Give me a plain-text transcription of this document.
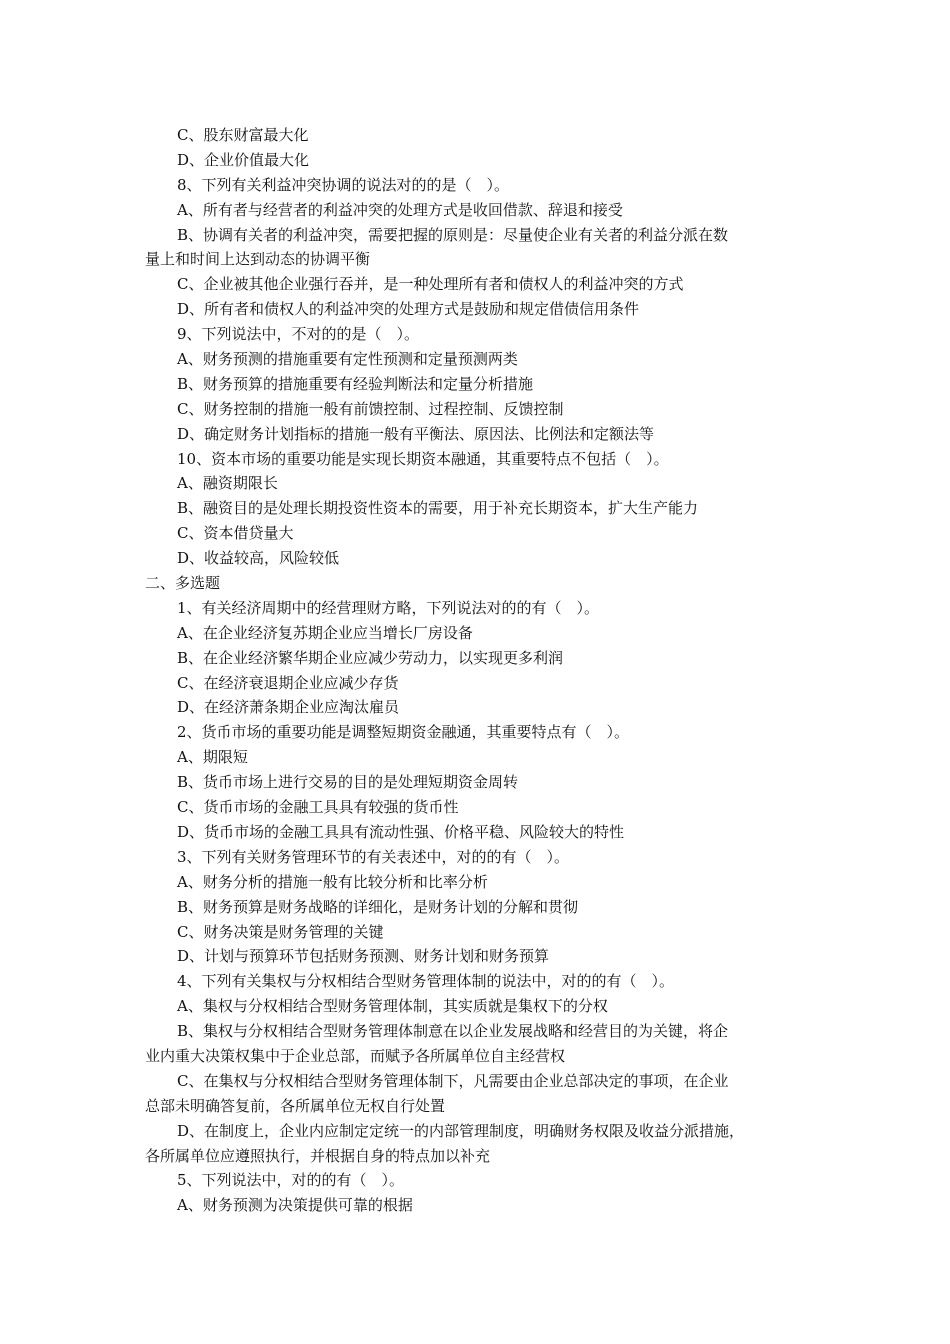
C、股东财富最大化
D、企业价值最大化
8、下列有关利益冲突协调的说法对的的是（　）。
A、所有者与经营者的利益冲突的处理方式是收回借款、辞退和接受
B、协调有关者的利益冲突，需要把握的原则是：尽量使企业有关者的利益分派在数
量上和时间上达到动态的协调平衡
C、企业被其他企业强行吞并，是一种处理所有者和债权人的利益冲突的方式
D、所有者和债权人的利益冲突的处理方式是鼓励和规定借债信用条件
9、下列说法中，不对的的是（　）。
A、财务预测的措施重要有定性预测和定量预测两类
B、财务预算的措施重要有经验判断法和定量分析措施
C、财务控制的措施一般有前馈控制、过程控制、反馈控制
D、确定财务计划指标的措施一般有平衡法、原因法、比例法和定额法等
10、资本市场的重要功能是实现长期资本融通，其重要特点不包括（　）。
A、融资期限长
B、融资目的是处理长期投资性资本的需要，用于补充长期资本，扩大生产能力
C、资本借贷量大
D、收益较高，风险较低
二、多选题
1、有关经济周期中的经营理财方略，下列说法对的的有（　）。
A、在企业经济复苏期企业应当增长厂房设备
B、在企业经济繁华期企业应减少劳动力，以实现更多利润
C、在经济衰退期企业应减少存货
D、在经济萧条期企业应淘汰雇员
2、货币市场的重要功能是调整短期资金融通，其重要特点有（　）。
A、期限短
B、货币市场上进行交易的目的是处理短期资金周转
C、货币市场的金融工具具有较强的货币性
D、货币市场的金融工具具有流动性强、价格平稳、风险较大的特性
3、下列有关财务管理环节的有关表述中，对的的有（　）。
A、财务分析的措施一般有比较分析和比率分析
B、财务预算是财务战略的详细化，是财务计划的分解和贯彻
C、财务决策是财务管理的关键
D、计划与预算环节包括财务预测、财务计划和财务预算
4、下列有关集权与分权相结合型财务管理体制的说法中，对的的有（　）。
A、集权与分权相结合型财务管理体制，其实质就是集权下的分权
B、集权与分权相结合型财务管理体制意在以企业发展战略和经营目的为关键，将企
业内重大决策权集中于企业总部，而赋予各所属单位自主经营权
C、在集权与分权相结合型财务管理体制下，凡需要由企业总部决定的事项，在企业
总部未明确答复前，各所属单位无权自行处置
D、在制度上，企业内应制定定统一的内部管理制度，明确财务权限及收益分派措施，
各所属单位应遵照执行，并根据自身的特点加以补充
5、下列说法中，对的的有（　）。
A、财务预测为决策提供可靠的根据
